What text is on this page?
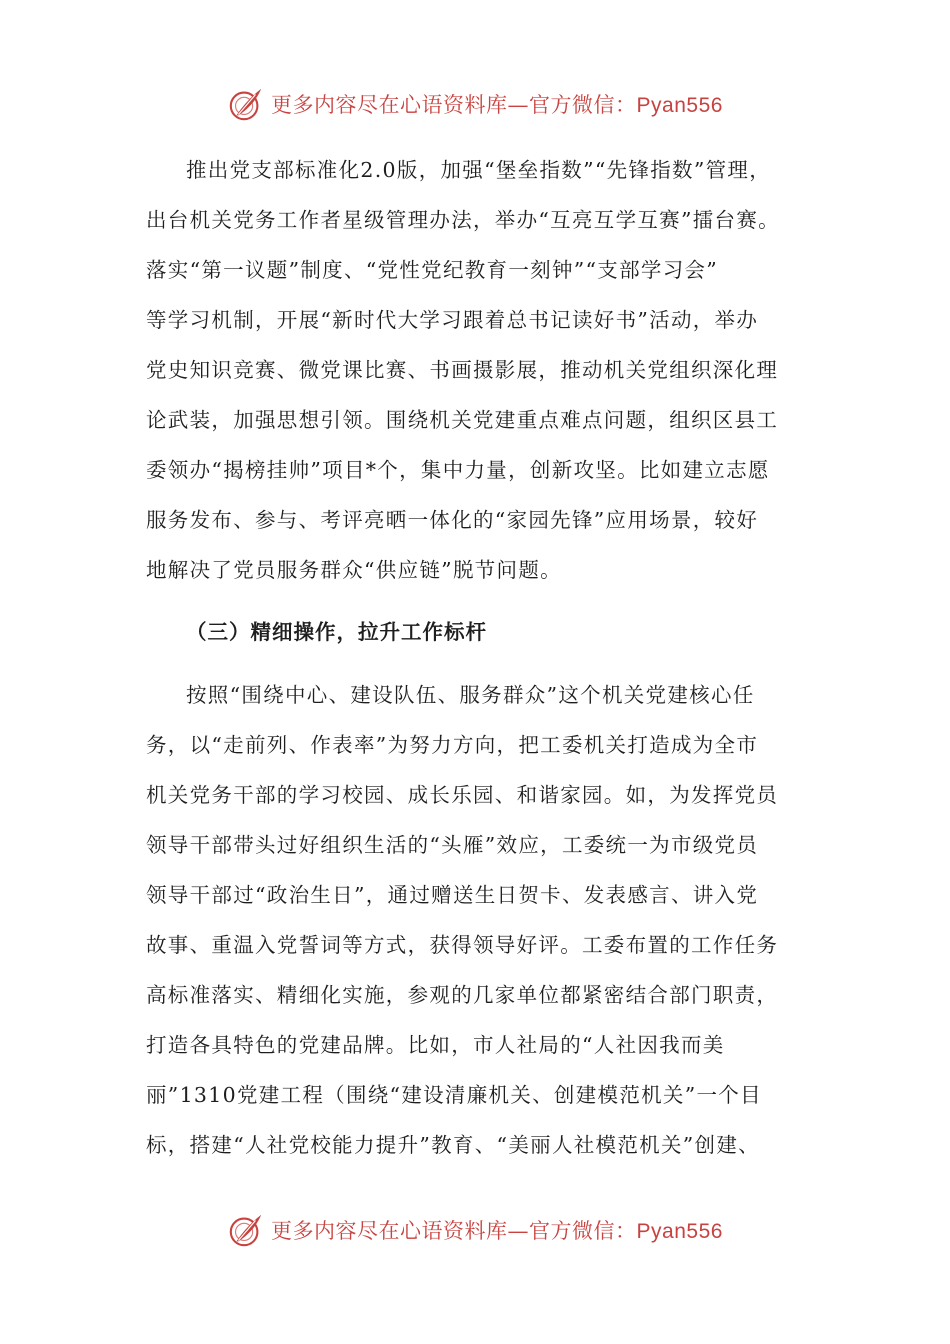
更多内容尽在心语资料库—官方微信：Pyan556
推出党支部标准化2.0版，加强“堡垒指数”“先锋指数”管理，
出台机关党务工作者星级管理办法，举办“互亮互学互赛”擂台赛。
落实“第一议题”制度、“党性党纪教育一刻钟”“支部学习会”
等学习机制，开展“新时代大学习跟着总书记读好书”活动，举办
党史知识竞赛、微党课比赛、书画摄影展，推动机关党组织深化理
论武装，加强思想引领。围绕机关党建重点难点问题，组织区县工
委领办“揭榜挂帅”项目*个，集中力量，创新攻坚。比如建立志愿
服务发布、参与、考评亮晒一体化的“家园先锋”应用场景，较好
地解决了党员服务群众“供应链”脱节问题。
（三）精细操作，拉升工作标杆
按照“围绕中心、建设队伍、服务群众”这个机关党建核心任
务，以“走前列、作表率”为努力方向，把工委机关打造成为全市
机关党务干部的学习校园、成长乐园、和谐家园。如，为发挥党员
领导干部带头过好组织生活的“头雁”效应，工委统一为市级党员
领导干部过“政治生日”，通过赠送生日贺卡、发表感言、讲入党
故事、重温入党誓词等方式，获得领导好评。工委布置的工作任务
高标准落实、精细化实施，参观的几家单位都紧密结合部门职责，
打造各具特色的党建品牌。比如，市人社局的“人社因我而美
丽”1310党建工程（围绕“建设清廉机关、创建模范机关”一个目
标，搭建“人社党校能力提升”教育、“美丽人社模范机关”创建、
更多内容尽在心语资料库—官方微信：Pyan556
